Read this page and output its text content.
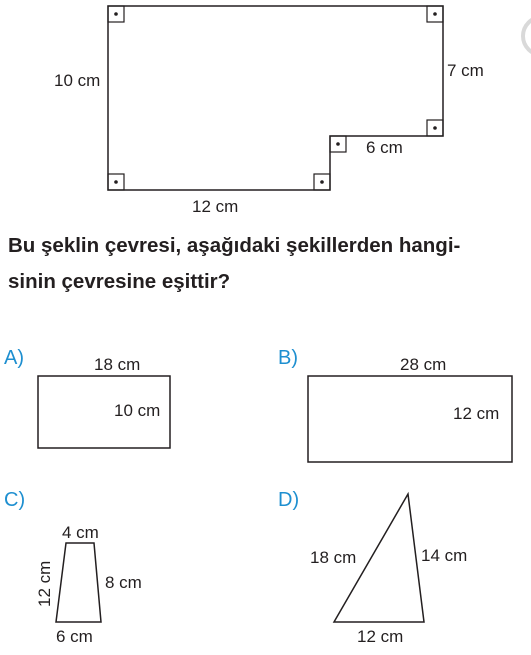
10 cm
7 cm
6 cm
12 cm
A)	18 cm
10 cm
B)	28 cm
12 cm
C)
4 cm
12 cm	8 cm
6 cm
D)
18 cm	14 cm
12 cm

Bu şeklin çevresi, aşağıdaki şekillerden hangi-
sinin çevresine eşittir?
